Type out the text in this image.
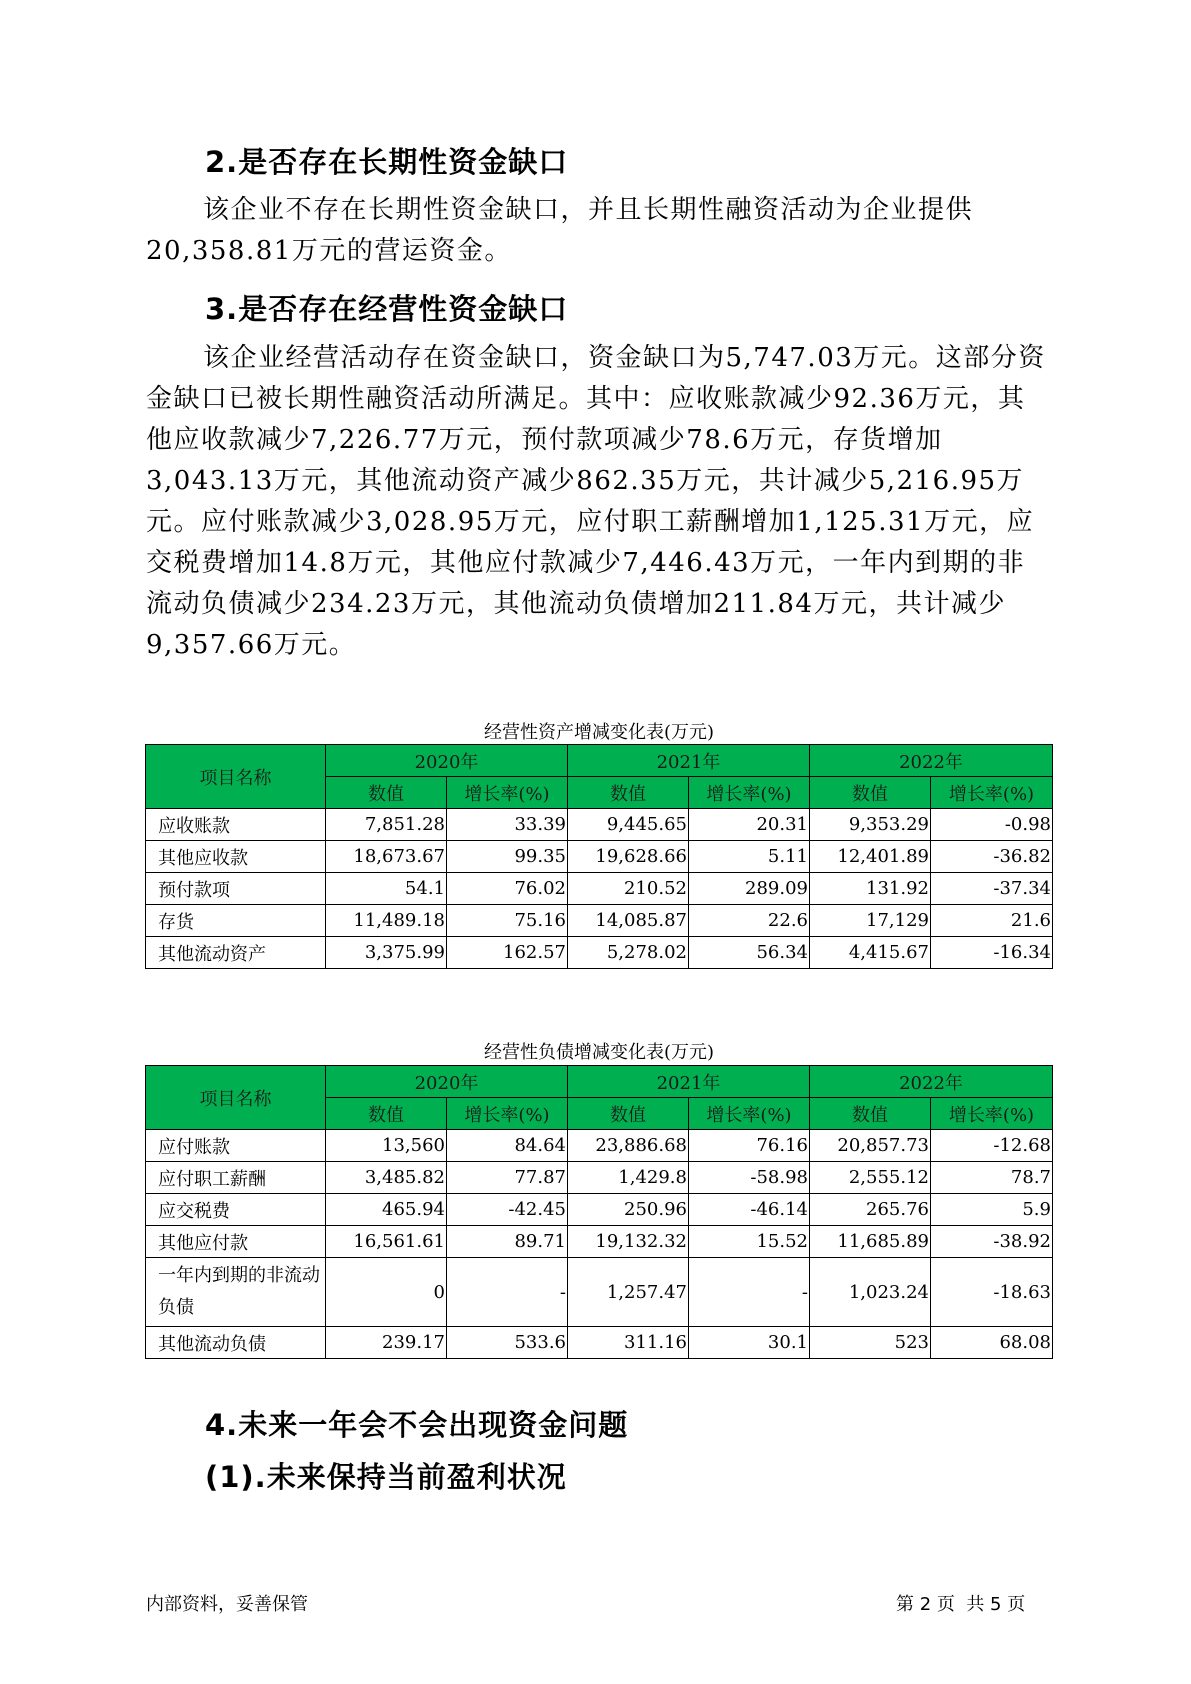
2.是否存在长期性资金缺口

该企业不存在长期性资金缺口，并且长期性融资活动为企业提供20,358.81万元的营运资金。

3.是否存在经营性资金缺口

该企业经营活动存在资金缺口，资金缺口为5,747.03万元。这部分资金缺口已被长期性融资活动所满足。其中：应收账款减少92.36万元，其他应收款减少7,226.77万元，预付款项减少78.6万元，存货增加3,043.13万元，其他流动资产减少862.35万元，共计减少5,216.95万元。应付账款减少3,028.95万元，应付职工薪酬增加1,125.31万元，应交税费增加14.8万元，其他应付款减少7,446.43万元，一年内到期的非流动负债减少234.23万元，其他流动负债增加211.84万元，共计减少9,357.66万元。

经营性资产增减变化表(万元)
项目名称	2020年		2021年		2022年	
	数值	增长率(%)	数值	增长率(%)	数值	增长率(%)
应收账款	7,851.28	33.39	9,445.65	20.31	9,353.29	-0.98
其他应收款	18,673.67	99.35	19,628.66	5.11	12,401.89	-36.82
预付款项	54.1	76.02	210.52	289.09	131.92	-37.34
存货	11,489.18	75.16	14,085.87	22.6	17,129	21.6
其他流动资产	3,375.99	162.57	5,278.02	56.34	4,415.67	-16.34
经营性负债增减变化表(万元)
项目名称	2020年		2021年		2022年	
	数值	增长率(%)	数值	增长率(%)	数值	增长率(%)
应付账款	13,560	84.64	23,886.68	76.16	20,857.73	-12.68
应付职工薪酬	3,485.82	77.87	1,429.8	-58.98	2,555.12	78.7
应交税费	465.94	-42.45	250.96	-46.14	265.76	5.9
其他应付款	16,561.61	89.71	19,132.32	15.52	11,685.89	-38.92
一年内到期的非流动负债	0	-	1,257.47	-	1,023.24	-18.63
其他流动负债	239.17	533.6	311.16	30.1	523	68.08
4.未来一年会不会出现资金问题
(1).未来保持当前盈利状况
内部资料，妥善保管	第 2 页  共 5 页
